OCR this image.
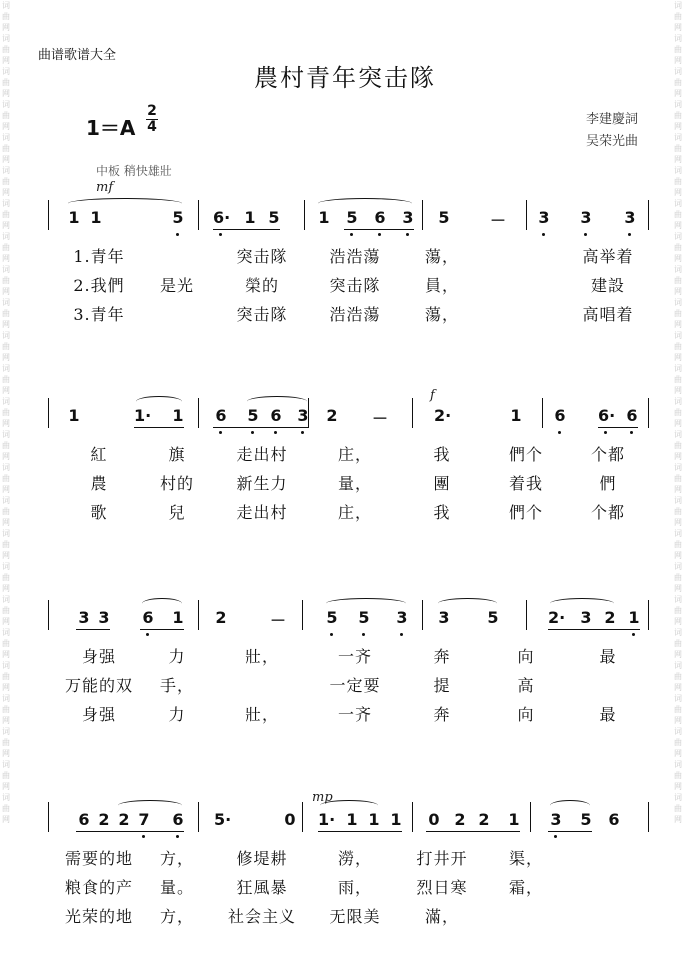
词曲网词曲网词曲网词曲网词曲网词曲网词曲网词曲网词曲网词曲网词曲网词曲网词曲网词曲网词曲网词曲网词曲网词曲网词曲网词曲网词曲网词曲网词曲网词曲网词曲网
词曲网词曲网词曲网词曲网词曲网词曲网词曲网词曲网词曲网词曲网词曲网词曲网词曲网词曲网词曲网词曲网词曲网词曲网词曲网词曲网词曲网词曲网词曲网词曲网词曲网
曲谱歌谱大全
農村青年突击隊
1＝A
2
4	李建慶詞
吴荣光曲
中板 稍快雄壯
mf
f
mp
1 1	5 6· 1 5 1 5 6 3 5	－ 3 3 3
1.青年	突击隊	浩浩蕩	蕩，	高举着
2.我們	是光	榮的	突击隊	員，	建設
3.青年	突击隊	浩浩蕩	蕩，	高唱着
1	1· 1 6 5 6 3 2 －	2·	1 6 6· 6
紅	旗	走出村	庄，	我	們个	个都
農	村的	新生力	量，	團	着我	們
歌	兒	走出村	庄，	我	們个	个都
3 3 6 1 2	－	5 5 3 3 5	2· 3 2 1
身强	力	壯，	一齐	奔	向	最
万能的双	手，	一定要	提	高
身强	力	壯，	一齐	奔	向	最
6 2 2 7 6 5·	0 1· 1 1 1 0 2 2 1 3 5 6
需要的地	方，	修堤耕	澇，	打井开	渠，
粮食的产	量。	狂風暴	雨，	烈日寒	霜，
光荣的地	方，	社会主义	无限美	滿，
